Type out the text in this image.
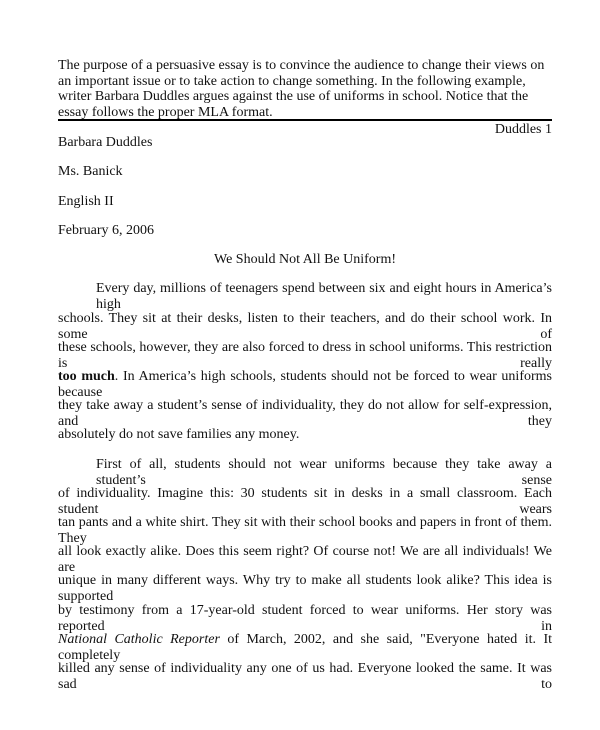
The purpose of a persuasive essay is to convince the audience to change their views on an important issue or to take action to change something. In the following example, writer Barbara Duddles argues against the use of uniforms in school. Notice that the essay follows the proper MLA format.

Duddles 1

Barbara Duddles

Ms. Banick

English II

February 6, 2006

We Should Not All Be Uniform!

Every day, millions of teenagers spend between six and eight hours in America’s high

schools. They sit at their desks, listen to their teachers, and do their school work. In some of

these schools, however, they are also forced to dress in school uniforms. This restriction is really

too much. In America’s high schools, students should not be forced to wear uniforms because

they take away a student’s sense of individuality, they do not allow for self-expression, and they

absolutely do not save families any money.

First of all, students should not wear uniforms because they take away a student’s sense

of individuality. Imagine this: 30 students sit in desks in a small classroom. Each student wears

tan pants and a white shirt. They sit with their school books and papers in front of them. They

all look exactly alike. Does this seem right? Of course not! We are all individuals! We are

unique in many different ways. Why try to make all students look alike? This idea is supported

by testimony from a 17-year-old student forced to wear uniforms. Her story was reported in

National Catholic Reporter of March, 2002, and she said, "Everyone hated it. It completely

killed any sense of individuality any one of us had. Everyone looked the same. It was sad to
